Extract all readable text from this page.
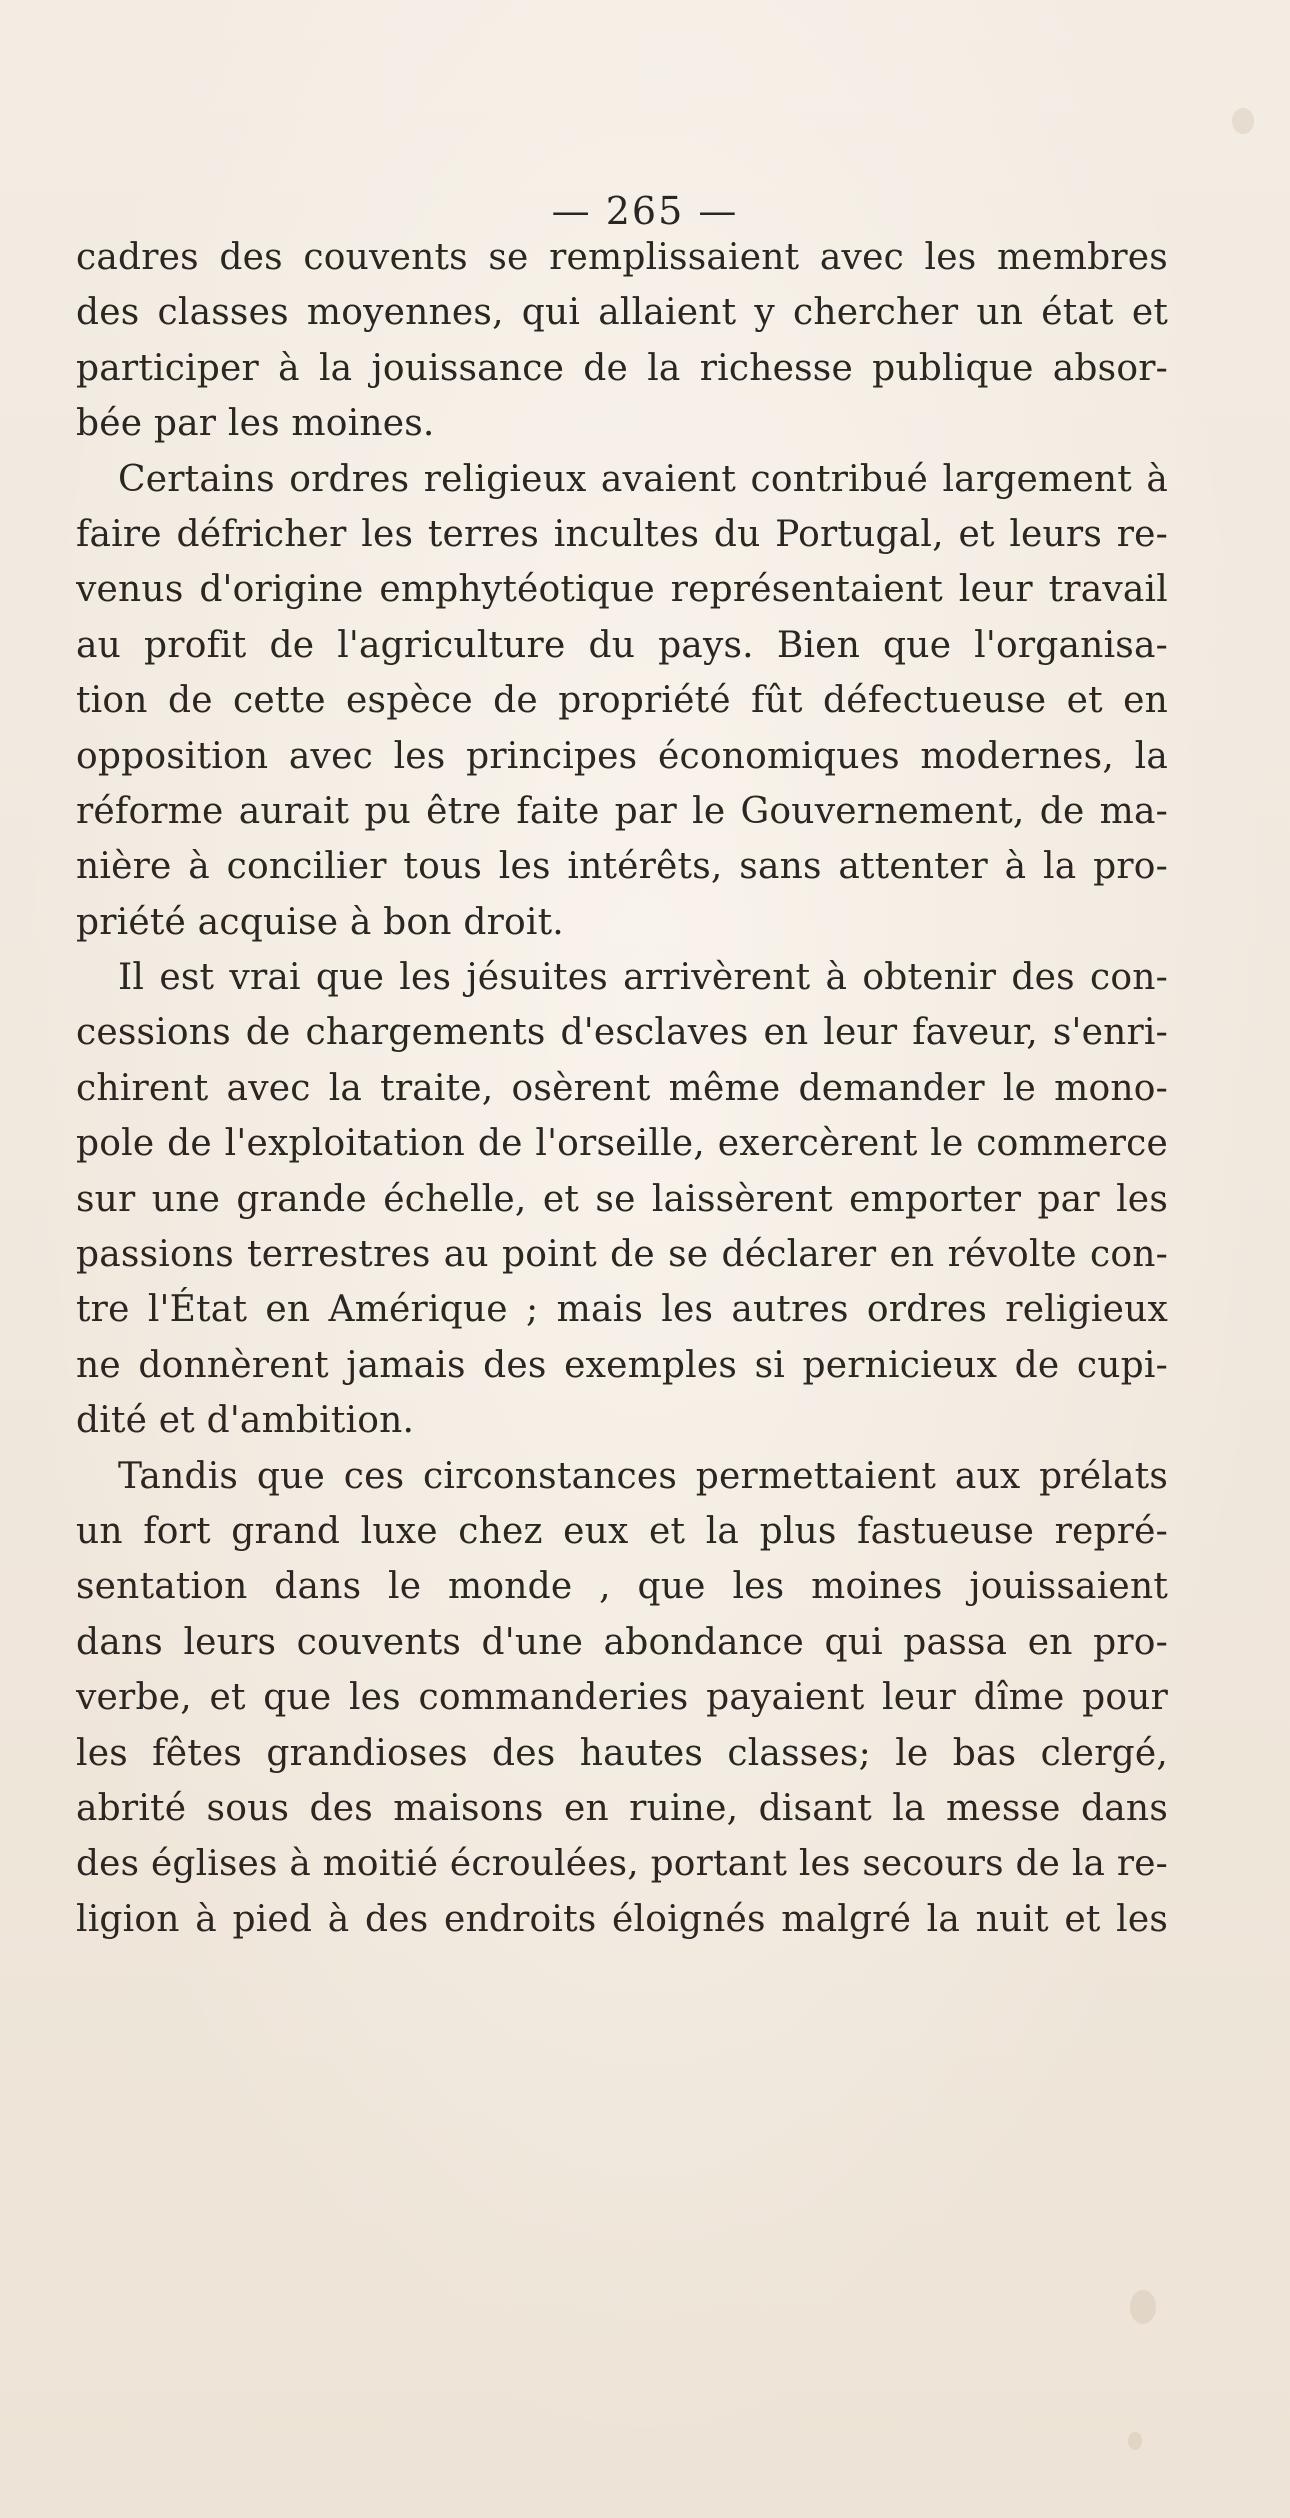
— 265 —
cadres des couvents se remplissaient avec les membres
des classes moyennes, qui allaient y chercher un état et
participer à la jouissance de la richesse publique absor-
bée par les moines.
Certains ordres religieux avaient contribué largement à
faire défricher les terres incultes du Portugal, et leurs re-
venus d'origine emphytéotique représentaient leur travail
au profit de l'agriculture du pays. Bien que l'organisa-
tion de cette espèce de propriété fût défectueuse et en
opposition avec les principes économiques modernes, la
réforme aurait pu être faite par le Gouvernement, de ma-
nière à concilier tous les intérêts, sans attenter à la pro-
priété acquise à bon droit.
Il est vrai que les jésuites arrivèrent à obtenir des con-
cessions de chargements d'esclaves en leur faveur, s'enri-
chirent avec la traite, osèrent même demander le mono-
pole de l'exploitation de l'orseille, exercèrent le commerce
sur une grande échelle, et se laissèrent emporter par les
passions terrestres au point de se déclarer en révolte con-
tre l'État en Amérique ; mais les autres ordres religieux
ne donnèrent jamais des exemples si pernicieux de cupi-
dité et d'ambition.
Tandis que ces circonstances permettaient aux prélats
un fort grand luxe chez eux et la plus fastueuse repré-
sentation dans le monde , que les moines jouissaient
dans leurs couvents d'une abondance qui passa en pro-
verbe, et que les commanderies payaient leur dîme pour
les fêtes grandioses des hautes classes; le bas clergé,
abrité sous des maisons en ruine, disant la messe dans
des églises à moitié écroulées, portant les secours de la re-
ligion à pied à des endroits éloignés malgré la nuit et les
